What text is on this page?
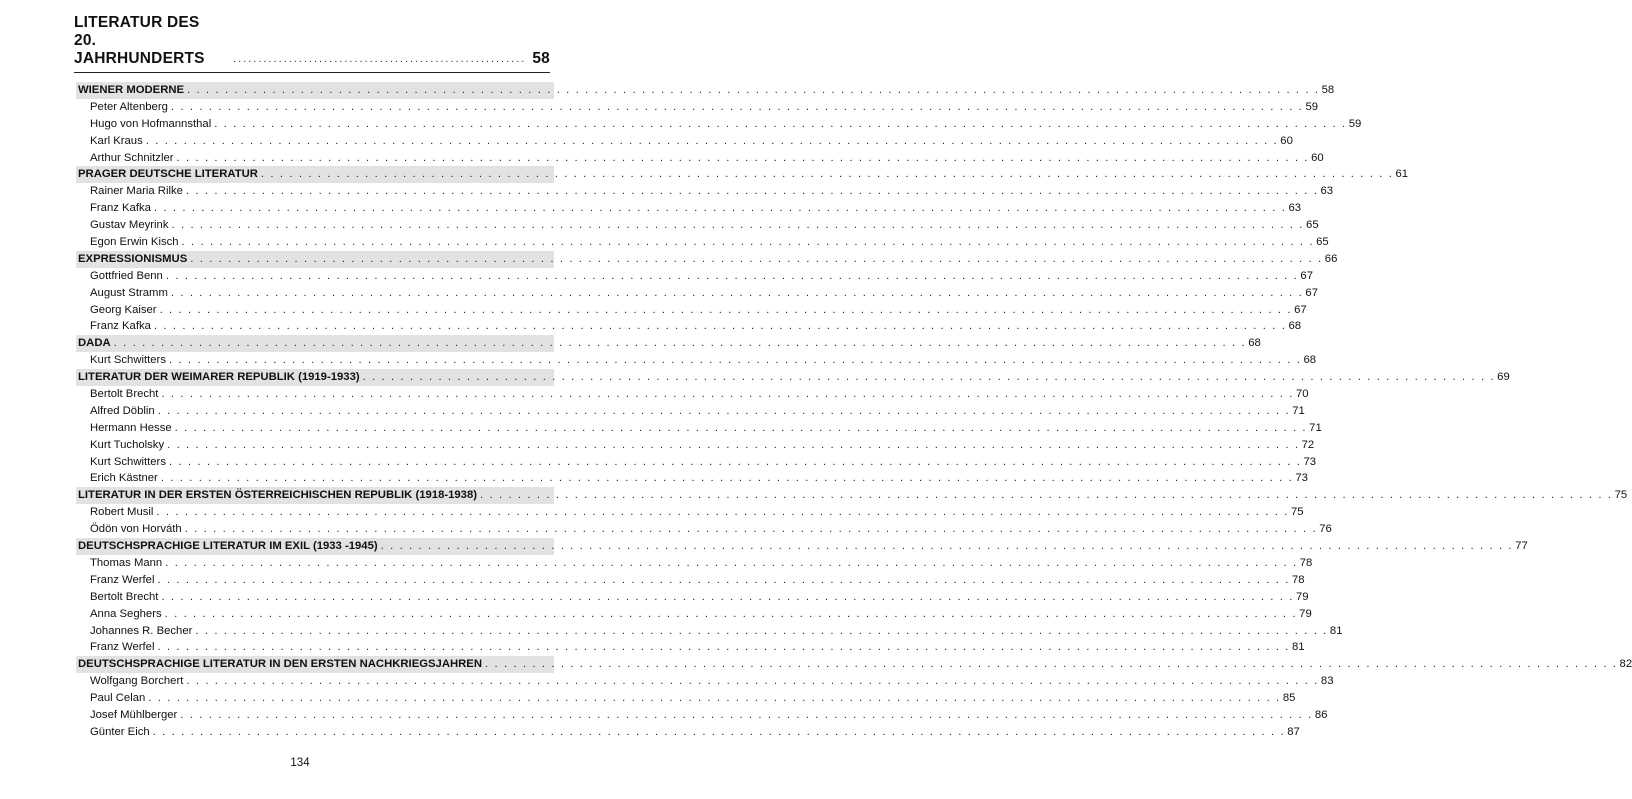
LITERATUR DES 20. JAHRHUNDERTS	.......................................................... 58
WIENER MODERNE . . . . . . . . . . . . . . . . . . . . . . . . . . . . . . . . . . . . . . . . . . . . . . . . . . . . . . . . . . . . . . . . . . . . . . . . . . . . . . . . . . . . . . . . . . . . . . . . . . . . . . . . . . . . . . . . . . . . . . . . 58
Peter Altenberg . . . . . . . . . . . . . . . . . . . . . . . . . . . . . . . . . . . . . . . . . . . . . . . . . . . . . . . . . . . . . . . . . . . . . . . . . . . . . . . . . . . . . . . . . . . . . . . . . . . . . . . . . . . . . . . . . . . . . . . . 59
Hugo von Hofmannsthal . . . . . . . . . . . . . . . . . . . . . . . . . . . . . . . . . . . . . . . . . . . . . . . . . . . . . . . . . . . . . . . . . . . . . . . . . . . . . . . . . . . . . . . . . . . . . . . . . . . . . . . . . . . . . . . . . . . . . . . . 59
Karl Kraus . . . . . . . . . . . . . . . . . . . . . . . . . . . . . . . . . . . . . . . . . . . . . . . . . . . . . . . . . . . . . . . . . . . . . . . . . . . . . . . . . . . . . . . . . . . . . . . . . . . . . . . . . . . . . . . . . . . . . . . . 60
Arthur Schnitzler . . . . . . . . . . . . . . . . . . . . . . . . . . . . . . . . . . . . . . . . . . . . . . . . . . . . . . . . . . . . . . . . . . . . . . . . . . . . . . . . . . . . . . . . . . . . . . . . . . . . . . . . . . . . . . . . . . . . . . . . 60
PRAGER DEUTSCHE LITERATUR . . . . . . . . . . . . . . . . . . . . . . . . . . . . . . . . . . . . . . . . . . . . . . . . . . . . . . . . . . . . . . . . . . . . . . . . . . . . . . . . . . . . . . . . . . . . . . . . . . . . . . . . . . . . . . . . . . . . . . . . 61
Rainer Maria Rilke . . . . . . . . . . . . . . . . . . . . . . . . . . . . . . . . . . . . . . . . . . . . . . . . . . . . . . . . . . . . . . . . . . . . . . . . . . . . . . . . . . . . . . . . . . . . . . . . . . . . . . . . . . . . . . . . . . . . . . . . 63
Franz Kafka . . . . . . . . . . . . . . . . . . . . . . . . . . . . . . . . . . . . . . . . . . . . . . . . . . . . . . . . . . . . . . . . . . . . . . . . . . . . . . . . . . . . . . . . . . . . . . . . . . . . . . . . . . . . . . . . . . . . . . . . 63
Gustav Meyrink . . . . . . . . . . . . . . . . . . . . . . . . . . . . . . . . . . . . . . . . . . . . . . . . . . . . . . . . . . . . . . . . . . . . . . . . . . . . . . . . . . . . . . . . . . . . . . . . . . . . . . . . . . . . . . . . . . . . . . . . 65
Egon Erwin Kisch . . . . . . . . . . . . . . . . . . . . . . . . . . . . . . . . . . . . . . . . . . . . . . . . . . . . . . . . . . . . . . . . . . . . . . . . . . . . . . . . . . . . . . . . . . . . . . . . . . . . . . . . . . . . . . . . . . . . . . . . 65
EXPRESSIONISMUS . . . . . . . . . . . . . . . . . . . . . . . . . . . . . . . . . . . . . . . . . . . . . . . . . . . . . . . . . . . . . . . . . . . . . . . . . . . . . . . . . . . . . . . . . . . . . . . . . . . . . . . . . . . . . . . . . . . . . . . . 66
Gottfried Benn . . . . . . . . . . . . . . . . . . . . . . . . . . . . . . . . . . . . . . . . . . . . . . . . . . . . . . . . . . . . . . . . . . . . . . . . . . . . . . . . . . . . . . . . . . . . . . . . . . . . . . . . . . . . . . . . . . . . . . . . 67
August Stramm . . . . . . . . . . . . . . . . . . . . . . . . . . . . . . . . . . . . . . . . . . . . . . . . . . . . . . . . . . . . . . . . . . . . . . . . . . . . . . . . . . . . . . . . . . . . . . . . . . . . . . . . . . . . . . . . . . . . . . . . 67
Georg Kaiser . . . . . . . . . . . . . . . . . . . . . . . . . . . . . . . . . . . . . . . . . . . . . . . . . . . . . . . . . . . . . . . . . . . . . . . . . . . . . . . . . . . . . . . . . . . . . . . . . . . . . . . . . . . . . . . . . . . . . . . . 67
Franz Kafka . . . . . . . . . . . . . . . . . . . . . . . . . . . . . . . . . . . . . . . . . . . . . . . . . . . . . . . . . . . . . . . . . . . . . . . . . . . . . . . . . . . . . . . . . . . . . . . . . . . . . . . . . . . . . . . . . . . . . . . . 68
DADA . . . . . . . . . . . . . . . . . . . . . . . . . . . . . . . . . . . . . . . . . . . . . . . . . . . . . . . . . . . . . . . . . . . . . . . . . . . . . . . . . . . . . . . . . . . . . . . . . . . . . . . . . . . . . . . . . . . . . . . . 68
Kurt Schwitters . . . . . . . . . . . . . . . . . . . . . . . . . . . . . . . . . . . . . . . . . . . . . . . . . . . . . . . . . . . . . . . . . . . . . . . . . . . . . . . . . . . . . . . . . . . . . . . . . . . . . . . . . . . . . . . . . . . . . . . . 68
LITERATUR DER WEIMARER REPUBLIK (1919-1933) . . . . . . . . . . . . . . . . . . . . . . . . . . . . . . . . . . . . . . . . . . . . . . . . . . . . . . . . . . . . . . . . . . . . . . . . . . . . . . . . . . . . . . . . . . . . . . . . . . . . . . . . . . . . . . . . . . . . . . . . 69
Bertolt Brecht . . . . . . . . . . . . . . . . . . . . . . . . . . . . . . . . . . . . . . . . . . . . . . . . . . . . . . . . . . . . . . . . . . . . . . . . . . . . . . . . . . . . . . . . . . . . . . . . . . . . . . . . . . . . . . . . . . . . . . . . 70
Alfred Döblin . . . . . . . . . . . . . . . . . . . . . . . . . . . . . . . . . . . . . . . . . . . . . . . . . . . . . . . . . . . . . . . . . . . . . . . . . . . . . . . . . . . . . . . . . . . . . . . . . . . . . . . . . . . . . . . . . . . . . . . . 71
Hermann Hesse . . . . . . . . . . . . . . . . . . . . . . . . . . . . . . . . . . . . . . . . . . . . . . . . . . . . . . . . . . . . . . . . . . . . . . . . . . . . . . . . . . . . . . . . . . . . . . . . . . . . . . . . . . . . . . . . . . . . . . . . 71
Kurt Tucholsky . . . . . . . . . . . . . . . . . . . . . . . . . . . . . . . . . . . . . . . . . . . . . . . . . . . . . . . . . . . . . . . . . . . . . . . . . . . . . . . . . . . . . . . . . . . . . . . . . . . . . . . . . . . . . . . . . . . . . . . . 72
Kurt Schwitters . . . . . . . . . . . . . . . . . . . . . . . . . . . . . . . . . . . . . . . . . . . . . . . . . . . . . . . . . . . . . . . . . . . . . . . . . . . . . . . . . . . . . . . . . . . . . . . . . . . . . . . . . . . . . . . . . . . . . . . . 73
Erich Kästner . . . . . . . . . . . . . . . . . . . . . . . . . . . . . . . . . . . . . . . . . . . . . . . . . . . . . . . . . . . . . . . . . . . . . . . . . . . . . . . . . . . . . . . . . . . . . . . . . . . . . . . . . . . . . . . . . . . . . . . . 73
LITERATUR IN DER ERSTEN ÖSTERREICHISCHEN REPUBLIK (1918-1938) . . . . . . . . . . . . . . . . . . . . . . . . . . . . . . . . . . . . . . . . . . . . . . . . . . . . . . . . . . . . . . . . . . . . . . . . . . . . . . . . . . . . . . . . . . . . . . . . . . . . . . . . . . . . . . . . . . . . . . . . 75
Robert Musil . . . . . . . . . . . . . . . . . . . . . . . . . . . . . . . . . . . . . . . . . . . . . . . . . . . . . . . . . . . . . . . . . . . . . . . . . . . . . . . . . . . . . . . . . . . . . . . . . . . . . . . . . . . . . . . . . . . . . . . . 75
Ödön von Horváth . . . . . . . . . . . . . . . . . . . . . . . . . . . . . . . . . . . . . . . . . . . . . . . . . . . . . . . . . . . . . . . . . . . . . . . . . . . . . . . . . . . . . . . . . . . . . . . . . . . . . . . . . . . . . . . . . . . . . . . . 76
DEUTSCHSPRACHIGE LITERATUR IM EXIL (1933 -1945) . . . . . . . . . . . . . . . . . . . . . . . . . . . . . . . . . . . . . . . . . . . . . . . . . . . . . . . . . . . . . . . . . . . . . . . . . . . . . . . . . . . . . . . . . . . . . . . . . . . . . . . . . . . . . . . . . . . . . . . . 77
Thomas Mann . . . . . . . . . . . . . . . . . . . . . . . . . . . . . . . . . . . . . . . . . . . . . . . . . . . . . . . . . . . . . . . . . . . . . . . . . . . . . . . . . . . . . . . . . . . . . . . . . . . . . . . . . . . . . . . . . . . . . . . . 78
Franz Werfel . . . . . . . . . . . . . . . . . . . . . . . . . . . . . . . . . . . . . . . . . . . . . . . . . . . . . . . . . . . . . . . . . . . . . . . . . . . . . . . . . . . . . . . . . . . . . . . . . . . . . . . . . . . . . . . . . . . . . . . . 78
Bertolt Brecht . . . . . . . . . . . . . . . . . . . . . . . . . . . . . . . . . . . . . . . . . . . . . . . . . . . . . . . . . . . . . . . . . . . . . . . . . . . . . . . . . . . . . . . . . . . . . . . . . . . . . . . . . . . . . . . . . . . . . . . . 79
Anna Seghers . . . . . . . . . . . . . . . . . . . . . . . . . . . . . . . . . . . . . . . . . . . . . . . . . . . . . . . . . . . . . . . . . . . . . . . . . . . . . . . . . . . . . . . . . . . . . . . . . . . . . . . . . . . . . . . . . . . . . . . . 79
Johannes R. Becher . . . . . . . . . . . . . . . . . . . . . . . . . . . . . . . . . . . . . . . . . . . . . . . . . . . . . . . . . . . . . . . . . . . . . . . . . . . . . . . . . . . . . . . . . . . . . . . . . . . . . . . . . . . . . . . . . . . . . . . . 81
Franz Werfel . . . . . . . . . . . . . . . . . . . . . . . . . . . . . . . . . . . . . . . . . . . . . . . . . . . . . . . . . . . . . . . . . . . . . . . . . . . . . . . . . . . . . . . . . . . . . . . . . . . . . . . . . . . . . . . . . . . . . . . . 81
DEUTSCHSPRACHIGE LITERATUR IN DEN ERSTEN NACHKRIEGSJAHREN . . . . . . . . . . . . . . . . . . . . . . . . . . . . . . . . . . . . . . . . . . . . . . . . . . . . . . . . . . . . . . . . . . . . . . . . . . . . . . . . . . . . . . . . . . . . . . . . . . . . . . . . . . . . . . . . . . . . . . . . 82
Wolfgang Borchert . . . . . . . . . . . . . . . . . . . . . . . . . . . . . . . . . . . . . . . . . . . . . . . . . . . . . . . . . . . . . . . . . . . . . . . . . . . . . . . . . . . . . . . . . . . . . . . . . . . . . . . . . . . . . . . . . . . . . . . . 83
Paul Celan . . . . . . . . . . . . . . . . . . . . . . . . . . . . . . . . . . . . . . . . . . . . . . . . . . . . . . . . . . . . . . . . . . . . . . . . . . . . . . . . . . . . . . . . . . . . . . . . . . . . . . . . . . . . . . . . . . . . . . . . 85
Josef Mühlberger . . . . . . . . . . . . . . . . . . . . . . . . . . . . . . . . . . . . . . . . . . . . . . . . . . . . . . . . . . . . . . . . . . . . . . . . . . . . . . . . . . . . . . . . . . . . . . . . . . . . . . . . . . . . . . . . . . . . . . . . 86
Günter Eich . . . . . . . . . . . . . . . . . . . . . . . . . . . . . . . . . . . . . . . . . . . . . . . . . . . . . . . . . . . . . . . . . . . . . . . . . . . . . . . . . . . . . . . . . . . . . . . . . . . . . . . . . . . . . . . . . . . . . . . . 87
134
